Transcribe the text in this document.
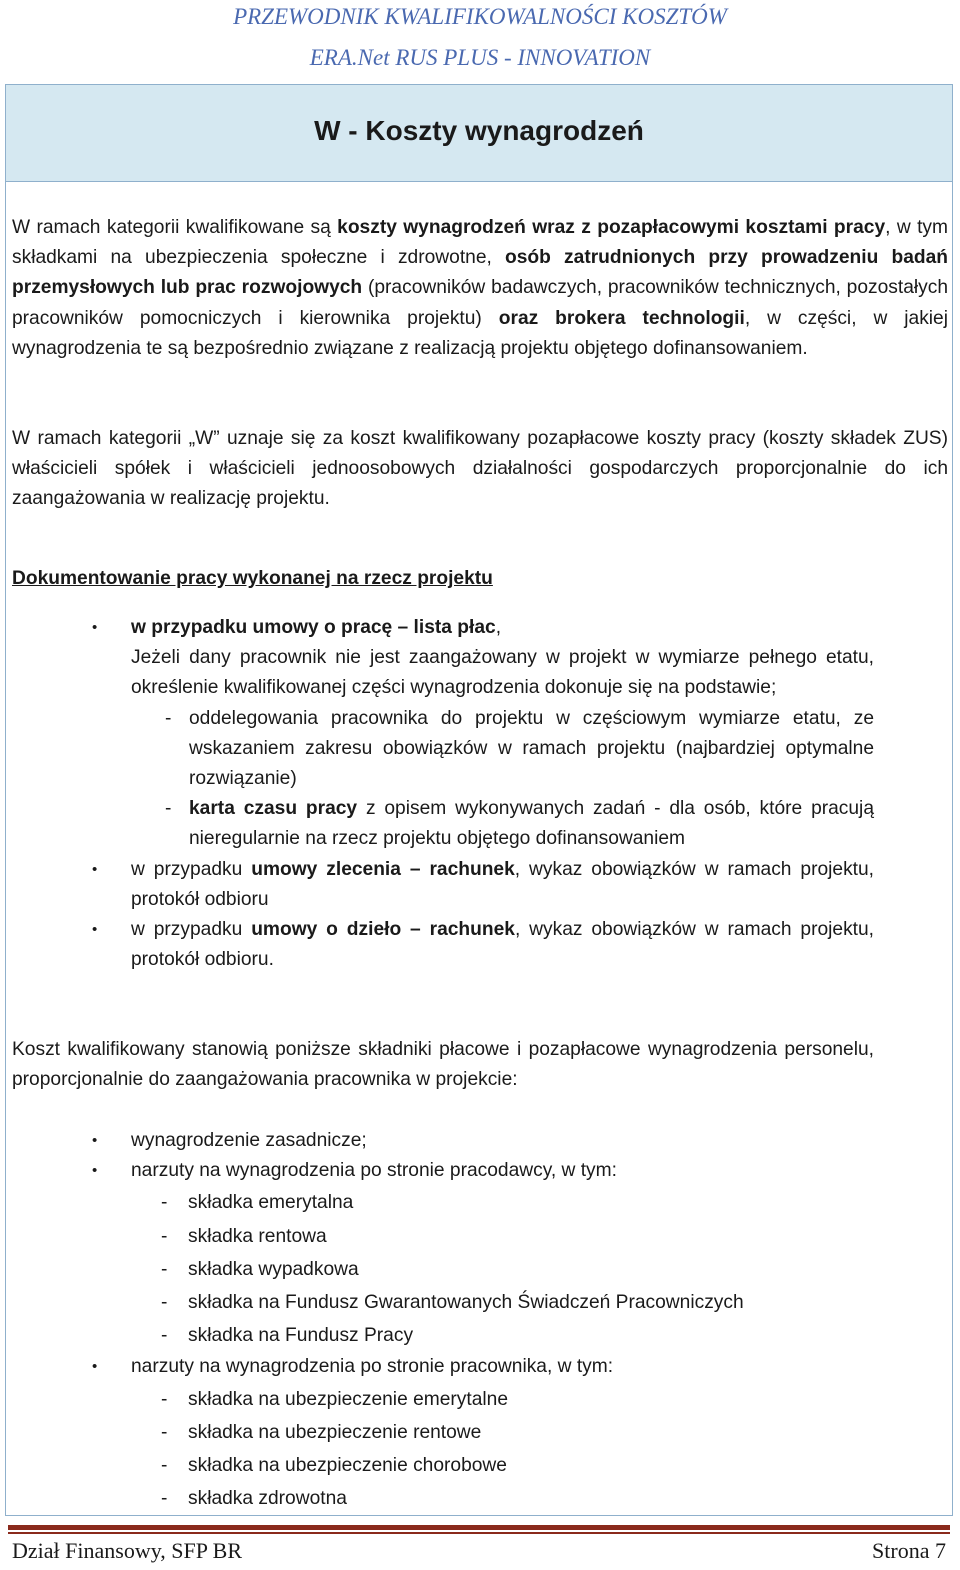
PRZEWODNIK KWALIFIKOWALNOŚCI KOSZTÓW
ERA.Net RUS PLUS - INNOVATION
W - Koszty wynagrodzeń

W ramach kategorii kwalifikowane są koszty wynagrodzeń wraz z pozapłacowymi kosztami pracy, w tym składkami na ubezpieczenia społeczne i zdrowotne, osób zatrudnionych przy prowadzeniu badań przemysłowych lub prac rozwojowych (pracowników badawczych, pracowników technicznych, pozostałych pracowników pomocniczych i kierownika projektu) oraz brokera technologii, w części, w jakiej wynagrodzenia te są bezpośrednio związane z realizacją projektu objętego dofinansowaniem.

W ramach kategorii „W” uznaje się za koszt kwalifikowany pozapłacowe koszty pracy (koszty składek ZUS) właścicieli spółek i właścicieli jednoosobowych działalności gospodarczych proporcjonalnie do ich zaangażowania w realizację projektu.

Dokumentowanie pracy wykonanej na rzecz projektu

• w przypadku umowy o pracę – lista płac,
Jeżeli dany pracownik nie jest zaangażowany w projekt w wymiarze pełnego etatu, określenie kwalifikowanej części wynagrodzenia dokonuje się na podstawie;
- oddelegowania pracownika do projektu w częściowym wymiarze etatu, ze wskazaniem zakresu obowiązków w ramach projektu (najbardziej optymalne rozwiązanie)
- karta czasu pracy z opisem wykonywanych zadań - dla osób, które pracują nieregularnie na rzecz projektu objętego dofinansowaniem
• w przypadku umowy zlecenia – rachunek, wykaz obowiązków w ramach projektu, protokół odbioru
• w przypadku umowy o dzieło – rachunek, wykaz obowiązków w ramach projektu, protokół odbioru.

Koszt kwalifikowany stanowią poniższe składniki płacowe i pozapłacowe wynagrodzenia personelu, proporcjonalnie do zaangażowania pracownika w projekcie:

• wynagrodzenie zasadnicze;
• narzuty na wynagrodzenia po stronie pracodawcy, w tym:
- składka emerytalna
- składka rentowa
- składka wypadkowa
- składka na Fundusz Gwarantowanych Świadczeń Pracowniczych
- składka na Fundusz Pracy
• narzuty na wynagrodzenia po stronie pracownika, w tym:
- składka na ubezpieczenie emerytalne
- składka na ubezpieczenie rentowe
- składka na ubezpieczenie chorobowe
- składka zdrowotna
Dział Finansowy, SFP BR	Strona 7
